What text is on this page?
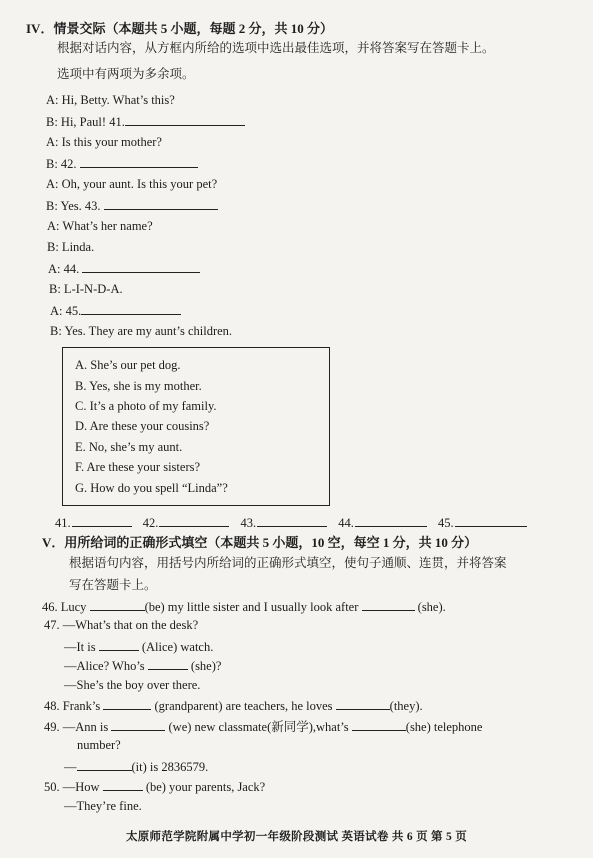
IV．情景交际（本题共 5 小题，每题 2 分，共 10 分）
根据对话内容，从方框内所给的选项中选出最佳选项，并将答案写在答题卡上。
选项中有两项为多余项。
A: Hi, Betty. What’s this?
B: Hi, Paul! 41.
A: Is this your mother?
B: 42.
A: Oh, your aunt. Is this your pet?
B: Yes. 43.
A: What’s her name?
B: Linda.
A: 44.
B: L-I-N-D-A.
A: 45.
B: Yes. They are my aunt’s children.
A. She’s our pet dog.
B. Yes, she is my mother.
C. It’s a photo of my family.
D. Are these your cousins?
E. No, she’s my aunt.
F. Are these your sisters?
G. How do you spell “Linda”?
41.	42.	43.	44.	45.
V．用所给词的正确形式填空（本题共 5 小题，10 空，每空 1 分，共 10 分）
根据语句内容，用括号内所给词的正确形式填空，使句子通顺、连贯，并将答案
写在答题卡上。
46. Lucy	(be) my little sister and I usually look after	(she).
47. —What’s that on the desk?
—It is	(Alice) watch.
—Alice? Who’s	(she)?
—She’s the boy over there.
48. Frank’s	(grandparent) are teachers, he loves	(they).
49. —Ann is	(we) new classmate(新同学),what’s	(she) telephone
number?
—	(it) is 2836579.
50. —How	(be) your parents, Jack?
—They’re fine.
太原师范学院附属中学初一年级阶段测试 英语试卷 共 6 页 第 5 页
